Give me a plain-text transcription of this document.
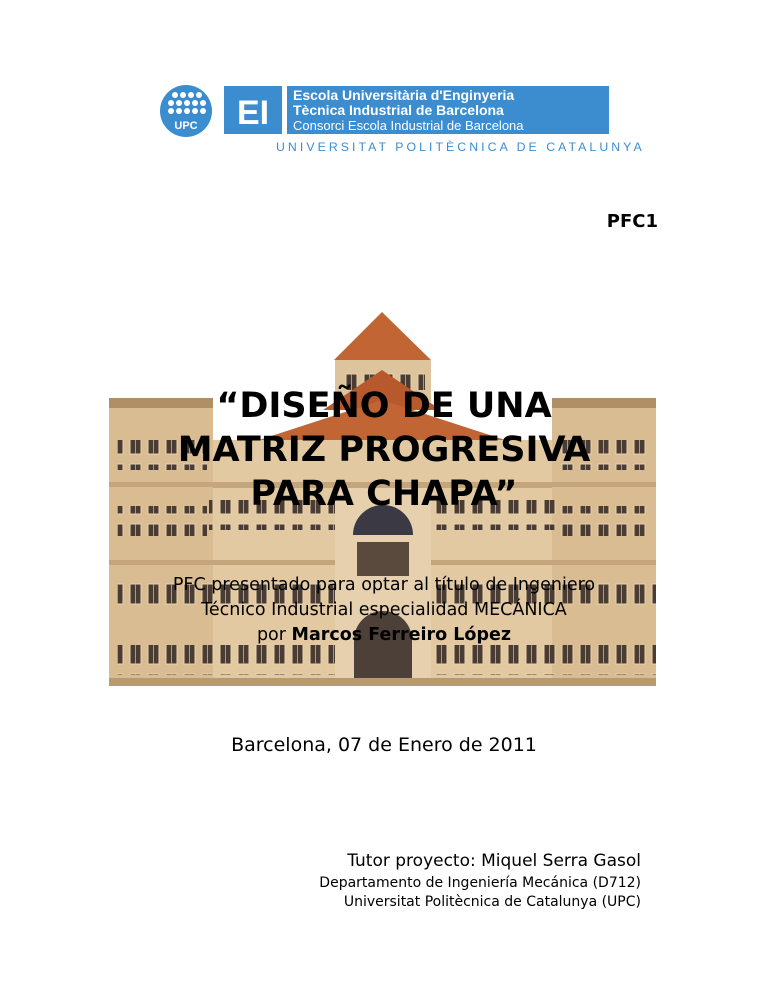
UPC EI Escola Universitària d'Enginyeria
Tècnica Industrial de Barcelona
Consorci Escola Industrial de Barcelona
UNIVERSITAT POLITÈCNICA DE CATALUNYA
PFC1
“DISEÑO DE UNA
MATRIZ PROGRESIVA
PARA CHAPA”
PFC presentado para optar al título de Ingeniero
Técnico Industrial especialidad MECÁNICA
por Marcos Ferreiro López
Barcelona, 07 de Enero de 2011
Tutor proyecto: Miquel Serra Gasol
Departamento de Ingeniería Mecánica (D712)
Universitat Politècnica de Catalunya (UPC)
